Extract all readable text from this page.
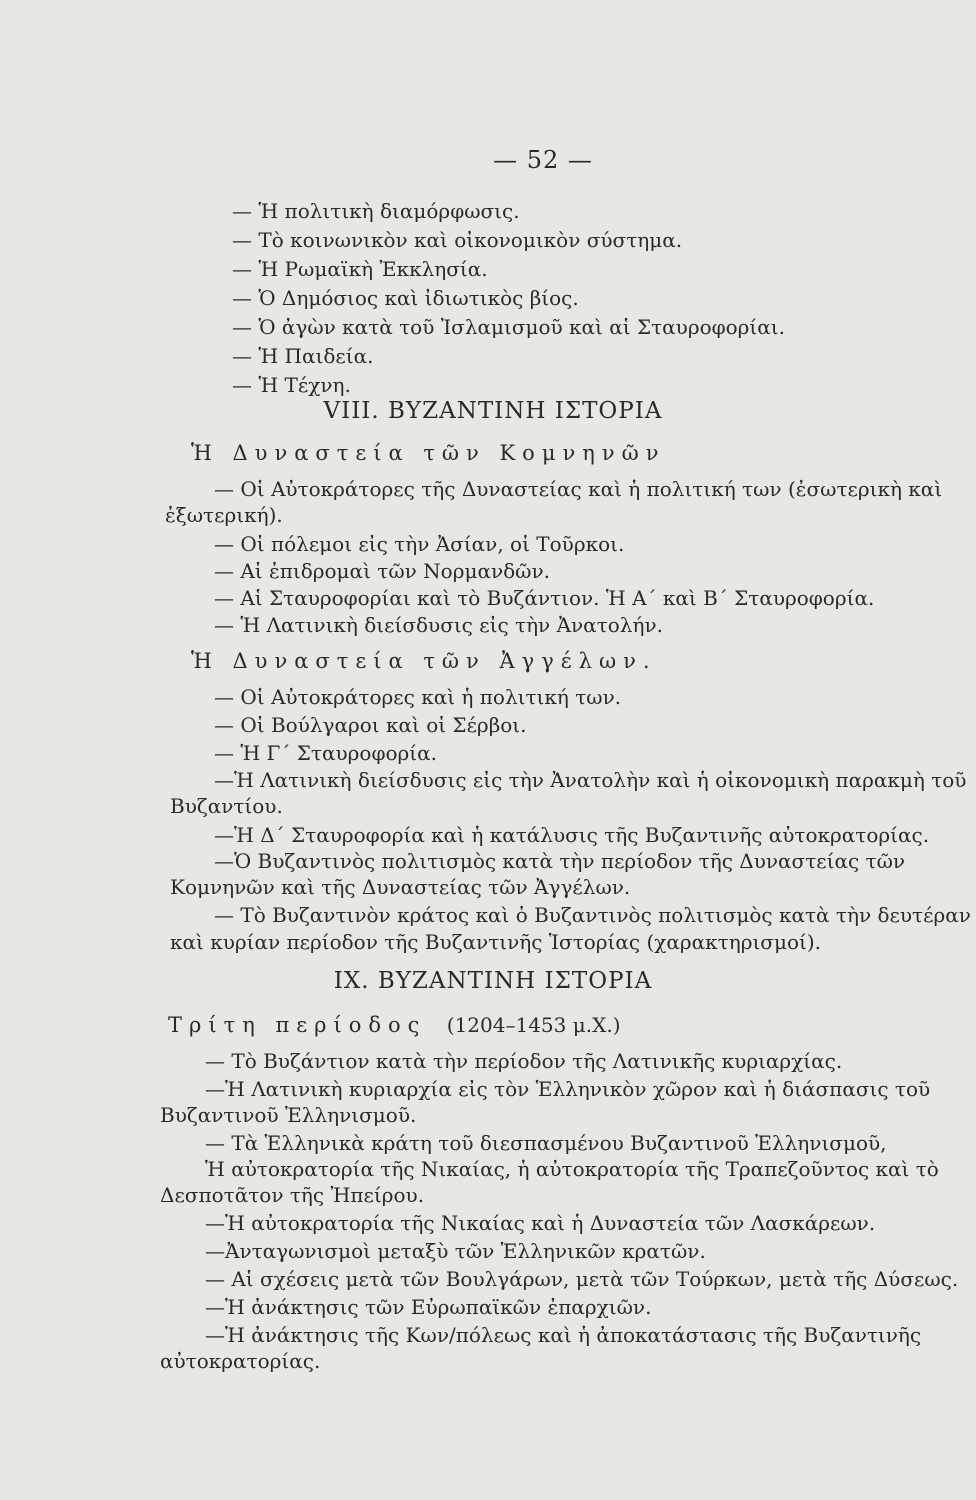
— 52 —
— Ἡ πολιτικὴ διαμόρφωσις.
— Τὸ κοινωνικὸν καὶ οἰκονομικὸν σύστημα.
— Ἡ Ρωμαϊκὴ Ἐκκλησία.
— Ὁ Δημόσιος καὶ ἰδιωτικὸς βίος.
— Ὁ ἀγὼν κατὰ τοῦ Ἰσλαμισμοῦ καὶ αἱ Σταυροφορίαι.
— Ἡ Παιδεία.
— Ἡ Τέχνη.
VIII. ΒΥΖΑΝΤΙΝΗ ΙΣΤΟΡΙΑ
Ἡ Δυναστεία τῶν Κομνηνῶν
— Οἱ Αὐτοκράτορες τῆς Δυναστείας καὶ ἡ πολιτική των (ἐσωτερικὴ καὶ
ἐξωτερική).
— Οἱ πόλεμοι εἰς τὴν Ἀσίαν, οἱ Τοῦρκοι.
— Αἱ ἐπιδρομαὶ τῶν Νορμανδῶν.
— Αἱ Σταυροφορίαι καὶ τὸ Βυζάντιον. Ἡ Α΄ καὶ Β΄ Σταυροφορία.
— Ἡ Λατινικὴ διείσδυσις εἰς τὴν Ἀνατολήν.
Ἡ Δυναστεία τῶν Ἀγγέλων.
— Οἱ Αὐτοκράτορες καὶ ἡ πολιτική των.
— Οἱ Βούλγαροι καὶ οἱ Σέρβοι.
— Ἡ Γ΄ Σταυροφορία.
—Ἡ Λατινικὴ διείσδυσις εἰς τὴν Ἀνατολὴν καὶ ἡ οἰκονομικὴ παρακμὴ τοῦ
Βυζαντίου.
—Ἡ Δ΄ Σταυροφορία καὶ ἡ κατάλυσις τῆς Βυζαντινῆς αὐτοκρατορίας.
—Ὁ Βυζαντινὸς πολιτισμὸς κατὰ τὴν περίοδον τῆς Δυναστείας τῶν
Κομνηνῶν καὶ τῆς Δυναστείας τῶν Ἀγγέλων.
— Τὸ Βυζαντινὸν κράτος καὶ ὁ Βυζαντινὸς πολιτισμὸς κατὰ τὴν δευτέραν
καὶ κυρίαν περίοδον τῆς Βυζαντινῆς Ἱστορίας (χαρακτηρισμοί).
IX. ΒΥΖΑΝΤΙΝΗ ΙΣΤΟΡΙΑ
Τρίτη περίοδος (1204–1453 μ.Χ.)
— Τὸ Βυζάντιον κατὰ τὴν περίοδον τῆς Λατινικῆς κυριαρχίας.
—Ἡ Λατινικὴ κυριαρχία εἰς τὸν Ἑλληνικὸν χῶρον καὶ ἡ διάσπασις τοῦ
Βυζαντινοῦ Ἑλληνισμοῦ.
— Τὰ Ἑλληνικὰ κράτη τοῦ διεσπασμένου Βυζαντινοῦ Ἑλληνισμοῦ,
Ἡ αὐτοκρατορία τῆς Νικαίας, ἡ αὐτοκρατορία τῆς Τραπεζοῦντος καὶ τὸ
Δεσποτᾶτον τῆς Ἠπείρου.
—Ἡ αὐτοκρατορία τῆς Νικαίας καὶ ἡ Δυναστεία τῶν Λασκάρεων.
—Ἀνταγωνισμοὶ μεταξὺ τῶν Ἑλληνικῶν κρατῶν.
— Αἱ σχέσεις μετὰ τῶν Βουλγάρων, μετὰ τῶν Τούρκων, μετὰ τῆς Δύσεως.
—Ἡ ἀνάκτησις τῶν Εὐρωπαϊκῶν ἐπαρχιῶν.
—Ἡ ἀνάκτησις τῆς Κων/πόλεως καὶ ἡ ἀποκατάστασις τῆς Βυζαντινῆς
αὐτοκρατορίας.
